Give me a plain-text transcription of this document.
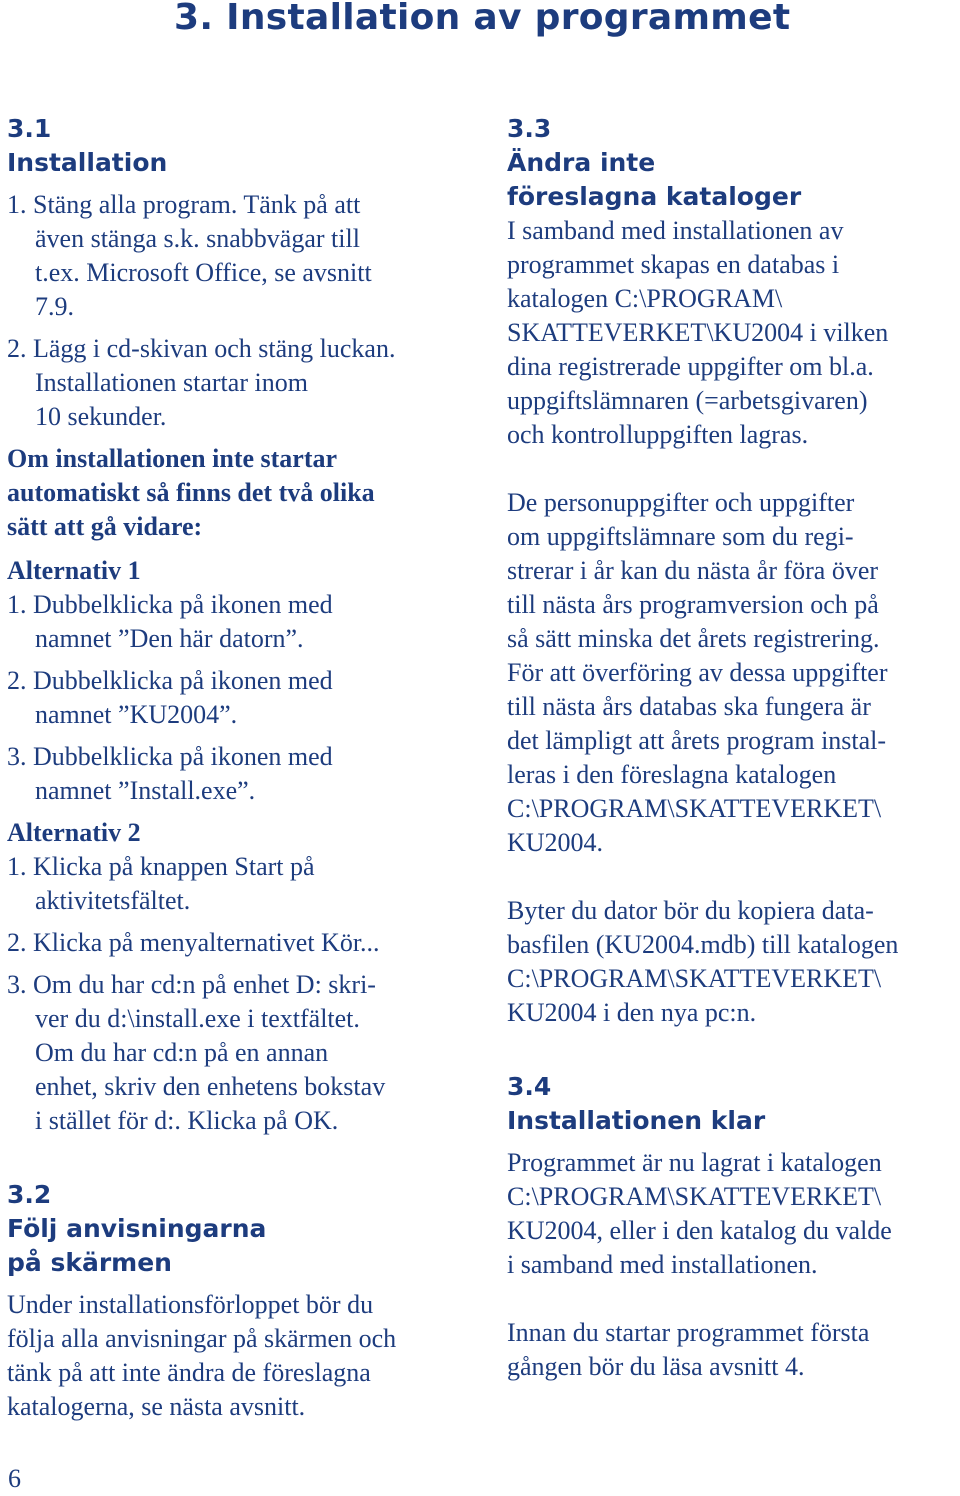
3. Installation av programmet
3.1
Installation
1. Stäng alla program. Tänk på att
även stänga s.k. snabbvägar till
t.ex. Microsoft Office, se avsnitt
7.9.
2. Lägg i cd-skivan och stäng luckan.
Installationen startar inom
10 sekunder.
Om installationen inte startar
automatiskt så finns det två olika
sätt att gå vidare:
Alternativ 1
1. Dubbelklicka på ikonen med
namnet ”Den här datorn”.
2. Dubbelklicka på ikonen med
namnet ”KU2004”.
3. Dubbelklicka på ikonen med
namnet ”Install.exe”.
Alternativ 2
1. Klicka på knappen Start på
aktivitetsfältet.
2. Klicka på menyalternativet Kör...
3. Om du har cd:n på enhet D: skri-
ver du d:\install.exe i textfältet.
Om du har cd:n på en annan
enhet, skriv den enhetens bokstav
i stället för d:. Klicka på OK.
3.2
Följ anvisningarna
på skärmen
Under installationsförloppet bör du
följa alla anvisningar på skärmen och
tänk på att inte ändra de föreslagna
katalogerna, se nästa avsnitt.
3.3
Ändra inte
föreslagna kataloger
I samband med installationen av
programmet skapas en databas i
katalogen C:\PROGRAM\
SKATTEVERKET\KU2004 i vilken
dina registrerade uppgifter om bl.a.
uppgiftslämnaren (=arbetsgivaren)
och kontrolluppgiften lagras.
De personuppgifter och uppgifter
om uppgiftslämnare som du regi-
strerar i år kan du nästa år föra över
till nästa års programversion och på
så sätt minska det årets registrering.
För att överföring av dessa uppgifter
till nästa års databas ska fungera är
det lämpligt att årets program instal-
leras i den föreslagna katalogen
C:\PROGRAM\SKATTEVERKET\
KU2004.
Byter du dator bör du kopiera data-
basfilen (KU2004.mdb) till katalogen
C:\PROGRAM\SKATTEVERKET\
KU2004 i den nya pc:n.
3.4
Installationen klar
Programmet är nu lagrat i katalogen
C:\PROGRAM\SKATTEVERKET\
KU2004, eller i den katalog du valde
i samband med installationen.
Innan du startar programmet första
gången bör du läsa avsnitt 4.
6
